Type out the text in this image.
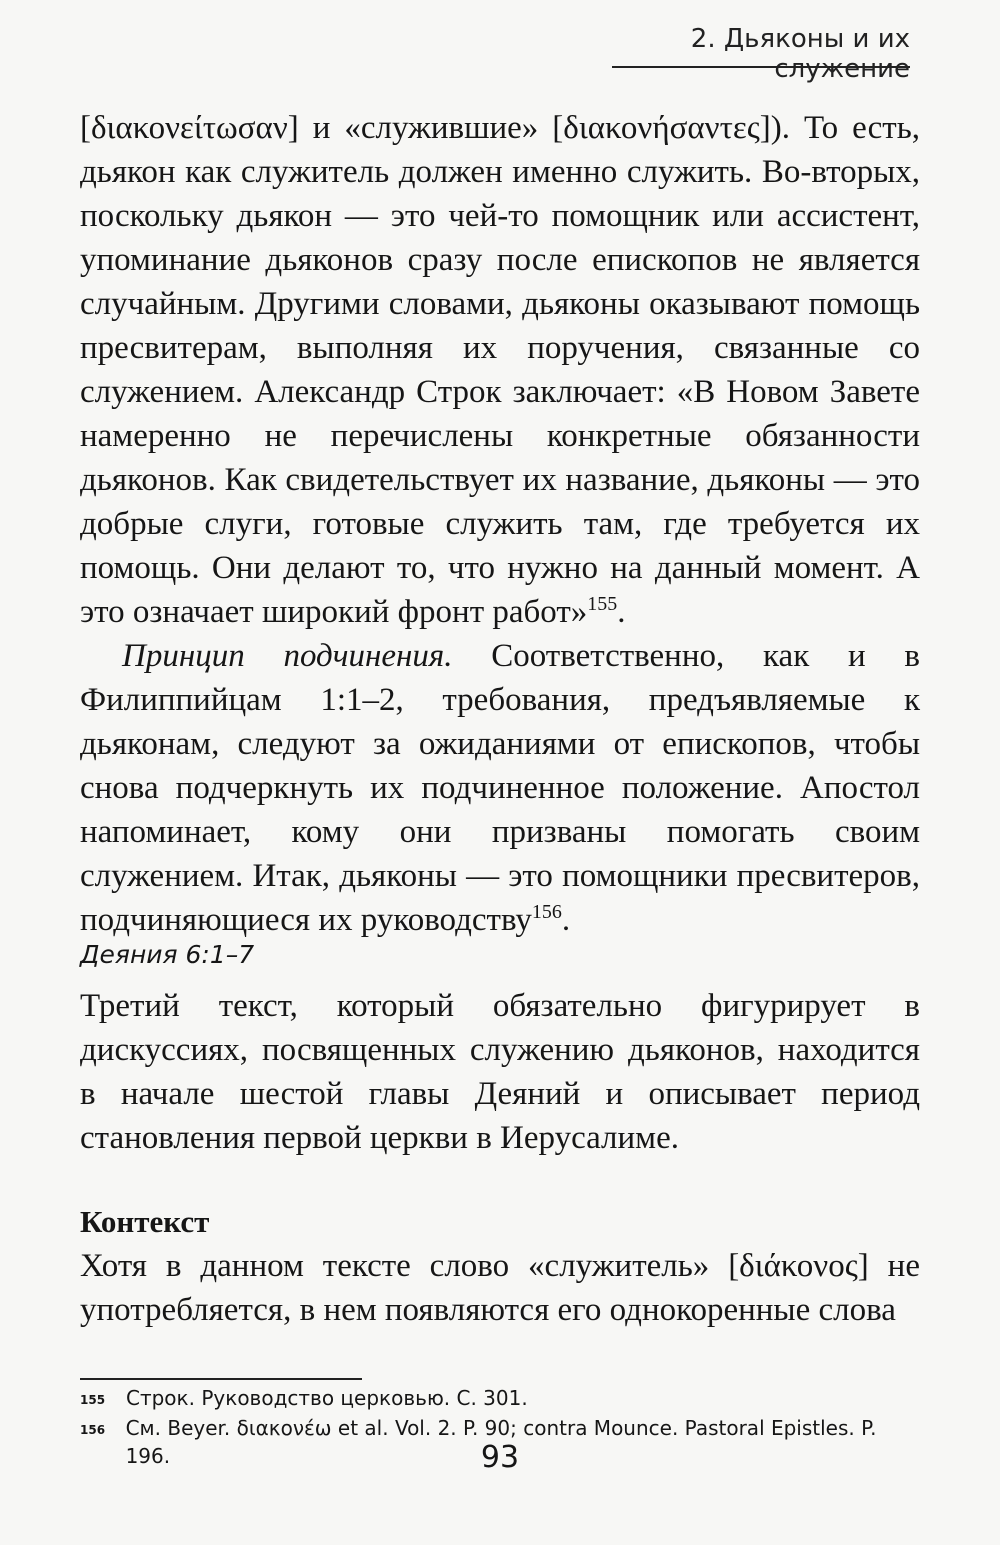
2. Дьяконы и их служение

[διακονείτωσαν] и «служившие» [διακονήσαντες]). То есть, дьякон как служитель должен именно служить. Во-вторых, поскольку дьякон — это чей-то помощник или ассистент, упоминание дьяконов сразу после епископов не является случайным. Другими словами, дьяконы оказывают помощь пресвитерам, выполняя их поручения, связанные со служением. Александр Строк заключает: «В Новом Завете намеренно не перечислены конкретные обязанности дьяконов. Как свидетельствует их название, дьяконы — это добрые слуги, готовые служить там, где требуется их помощь. Они делают то, что нужно на данный момент. А это означает широкий фронт работ»$^{155}$.

Принцип подчинения. Соответственно, как и в Филиппийцам 1:1–2, требования, предъявляемые к дьяконам, следуют за ожиданиями от епископов, чтобы снова подчеркнуть их подчиненное положение. Апостол напоминает, кому они призваны помогать своим служением. Итак, дьяконы — это помощники пресвитеров, подчиняющиеся их руководству$^{156}$.

Деяния 6:1–7

Третий текст, который обязательно фигурирует в дискуссиях, посвященных служению дьяконов, находится в начале шестой главы Деяний и описывает период становления первой церкви в Иерусалиме.

Контекст

Хотя в данном тексте слово «служитель» [διάκονος] не употребляется, в нем появляются его однокоренные слова

155	Строк. Руководство церковью. С. 301.
156	См. Beyer. διακονέω et al. Vol. 2. P. 90; contra Mounce. Pastoral Epistles. P. 196.	93
